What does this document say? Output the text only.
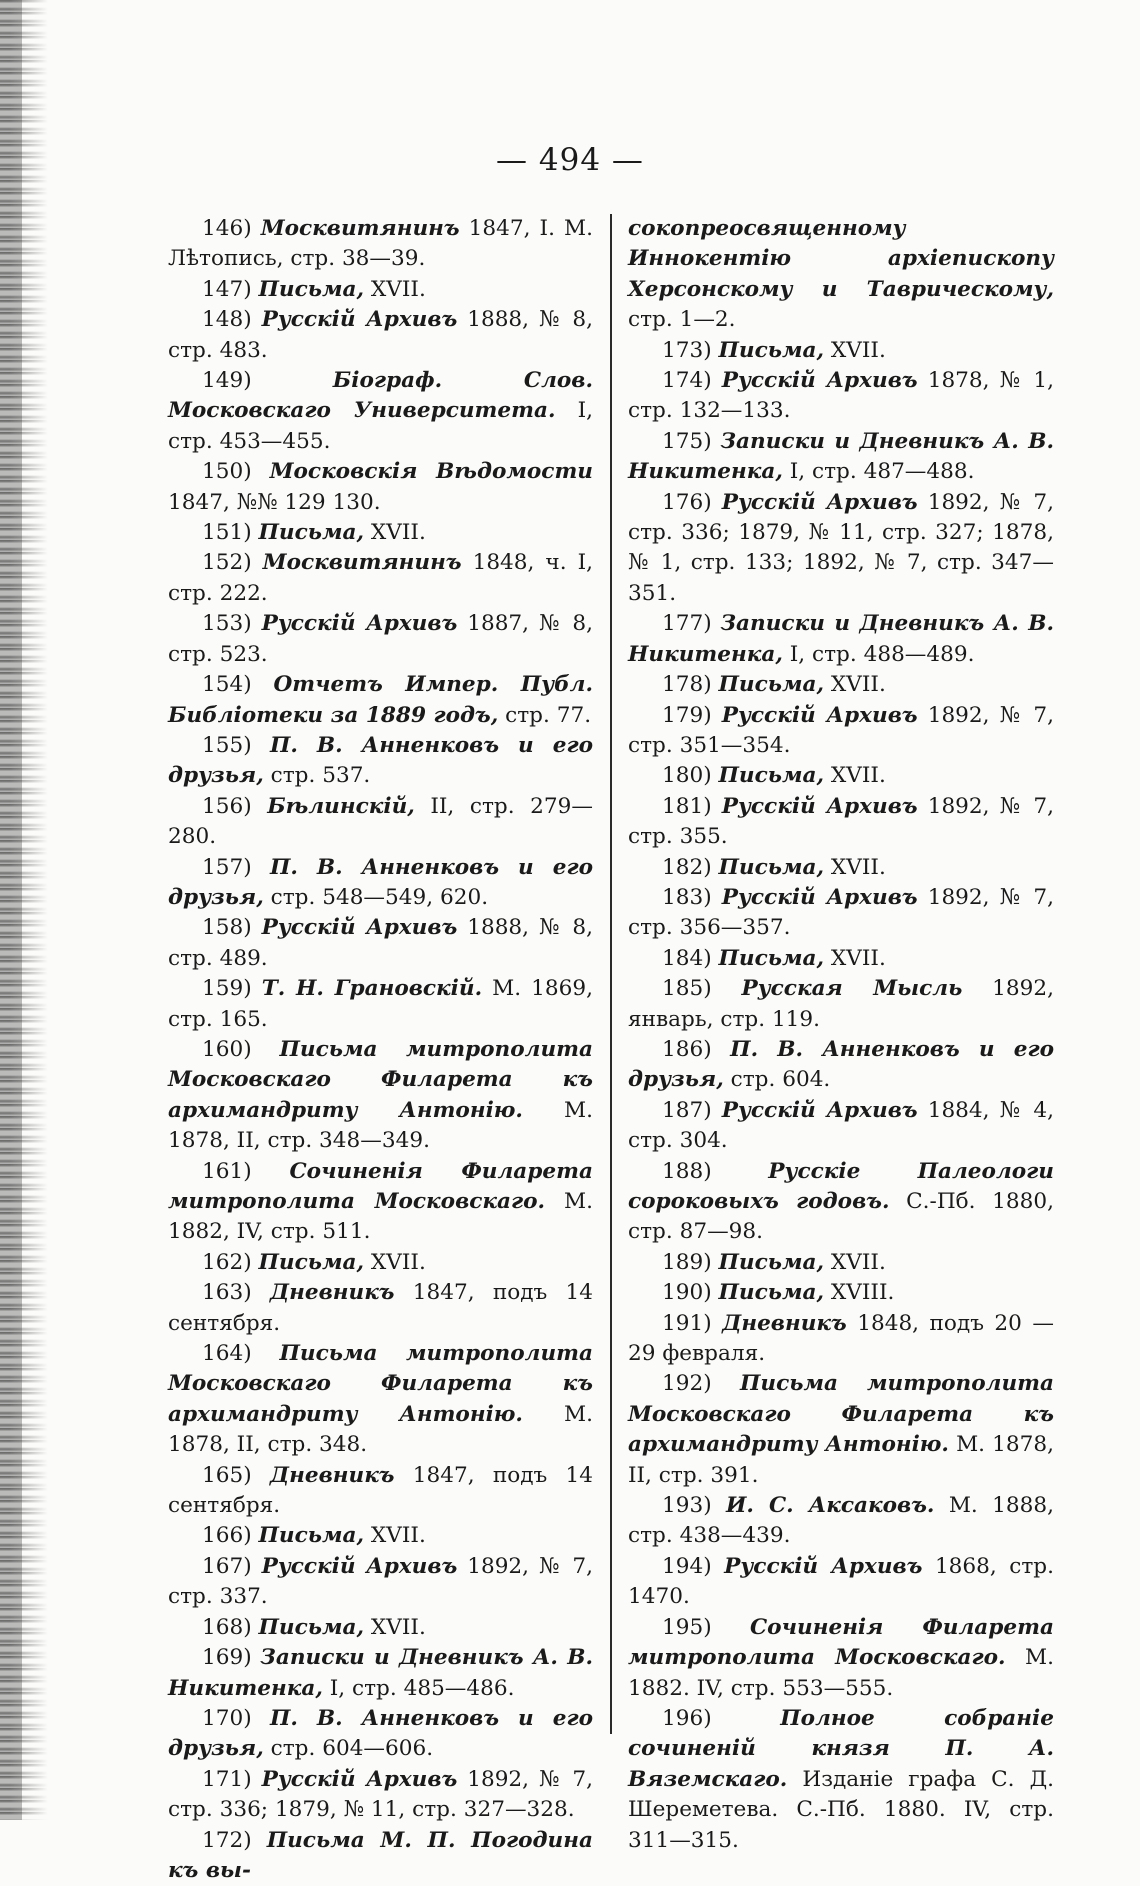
— 494 —

146) Москвитянинъ 1847, I. М. Лѣтопись, стр. 38—39.

147) Письма, XVII.

148) Русскій Архивъ 1888, № 8, стр. 483.

149)	Біограф. Слов. Московскаго Университета. I, стр. 453—455.

150) Московскія Вѣдомости 1847, №№ 129 130.

151) Письма, XVII.

152) Москвитянинъ 1848, ч. I, стр. 222.

153) Русскій Архивъ 1887, № 8, стр. 523.

154) Отчетъ Импер. Публ. Библіотеки за 1889 годъ, стр. 77.

155) П. В. Анненковъ и его друзья, стр. 537.

156) Бѣлинскій, II, стр. 279—280.

157) П. В. Анненковъ и его друзья, стр. 548—549, 620.

158) Русскій Архивъ 1888, № 8, стр. 489.

159) Т. Н. Грановскій. М. 1869, стр. 165.

160) Письма митрополита Московскаго Филарета къ архимандриту Антонію. М. 1878, II, стр. 348—349.

161) Сочиненія Филарета митрополита Московскаго. М. 1882, IV, стр. 511.

162) Письма, XVII.

163) Дневникъ 1847, подъ 14 сентября.

164) Письма митрополита Московскаго Филарета къ архимандриту Антонію. М. 1878, II, стр. 348.

165) Дневникъ 1847, подъ 14 сентября.

166) Письма, XVII.

167) Русскій Архивъ 1892, № 7, стр. 337.

168) Письма, XVII.

169) Записки и Дневникъ А. В. Никитенка, I, стр. 485—486.

170) П. В. Анненковъ и его друзья, стр. 604—606.

171) Русскій Архивъ 1892, № 7, стр. 336; 1879, № 11, стр. 327—328.

172) Письма М. П. Погодина къ вы-

сокопреосвященному Иннокентію архіепископу Херсонскому и Таврическому, стр. 1—2.

173) Письма, XVII.

174) Русскій Архивъ 1878, № 1, стр. 132—133.

175) Записки и Дневникъ А. В. Никитенка, I, стр. 487—488.

176) Русскій Архивъ 1892, № 7, стр. 336; 1879, № 11, стр. 327; 1878, № 1, стр. 133; 1892, № 7, стр. 347—351.

177) Записки и Дневникъ А. В. Никитенка, I, стр. 488—489.

178) Письма, XVII.

179) Русскій Архивъ 1892, № 7, стр. 351—354.

180) Письма, XVII.

181) Русскій Архивъ 1892, № 7, стр. 355.

182) Письма, XVII.

183) Русскій Архивъ 1892, № 7, стр. 356—357.

184) Письма, XVII.

185) Русская Мысль 1892, январь, стр. 119.

186) П. В. Анненковъ и его друзья, стр. 604.

187) Русскій Архивъ 1884, № 4, стр. 304.

188)	Русскіе Палеологи сороковыхъ годовъ. С.-Пб. 1880, стр. 87—98.

189) Письма, XVII.

190) Письма, XVIII.

191) Дневникъ 1848, подъ 20 — 29 февраля.

192) Письма митрополита Московскаго Филарета къ архимандриту Антонію. М. 1878, II, стр. 391.

193) И. С. Аксаковъ. М. 1888, стр. 438—439.

194) Русскій Архивъ 1868, стр. 1470.

195) Сочиненія Филарета митрополита Московскаго. М. 1882. IV, стр. 553—555.

196)	Полное собраніе сочиненій князя П. А. Вяземскаго. Изданіе графа С. Д. Шереметева. С.-Пб. 1880. IV, стр. 311—315.
